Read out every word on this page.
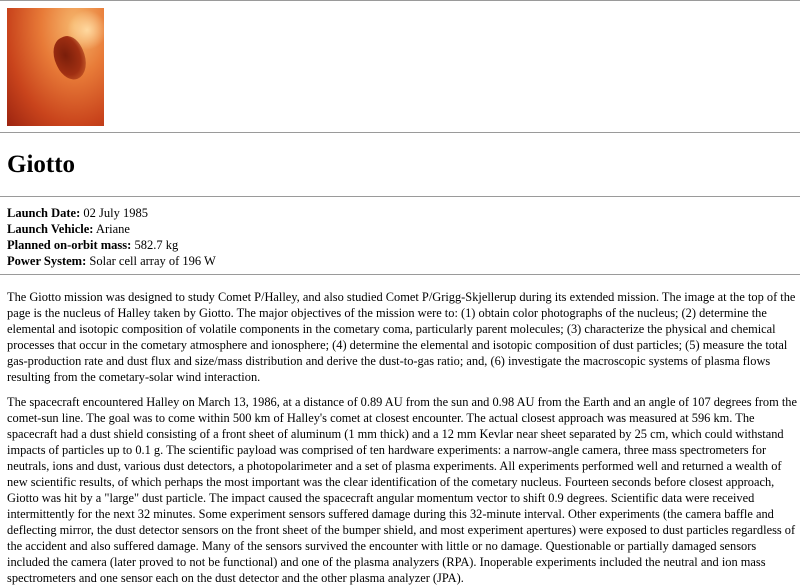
Giotto
Launch Date: 02 July 1985
Launch Vehicle: Ariane
Planned on-orbit mass: 582.7 kg
Power System: Solar cell array of 196 W

The Giotto mission was designed to study Comet P/Halley, and also studied Comet P/Grigg-Skjellerup during its extended mission. The image at the top of the page is the nucleus of Halley taken by Giotto. The major objectives of the mission were to: (1) obtain color photographs of the nucleus; (2) determine the elemental and isotopic composition of volatile components in the cometary coma, particularly parent molecules; (3) characterize the physical and chemical processes that occur in the cometary atmosphere and ionosphere; (4) determine the elemental and isotopic composition of dust particles; (5) measure the total gas-production rate and dust flux and size/mass distribution and derive the dust-to-gas ratio; and, (6) investigate the macroscopic systems of plasma flows resulting from the cometary-solar wind interaction.

The spacecraft encountered Halley on March 13, 1986, at a distance of 0.89 AU from the sun and 0.98 AU from the Earth and an angle of 107 degrees from the comet-sun line. The goal was to come within 500 km of Halley's comet at closest encounter. The actual closest approach was measured at 596 km. The spacecraft had a dust shield consisting of a front sheet of aluminum (1 mm thick) and a 12 mm Kevlar near sheet separated by 25 cm, which could withstand impacts of particles up to 0.1 g. The scientific payload was comprised of ten hardware experiments: a narrow-angle camera, three mass spectrometers for neutrals, ions and dust, various dust detectors, a photopolarimeter and a set of plasma experiments. All experiments performed well and returned a wealth of new scientific results, of which perhaps the most important was the clear identification of the cometary nucleus. Fourteen seconds before closest approach, Giotto was hit by a "large" dust particle. The impact caused the spacecraft angular momentum vector to shift 0.9 degrees. Scientific data were received intermittently for the next 32 minutes. Some experiment sensors suffered damage during this 32-minute interval. Other experiments (the camera baffle and deflecting mirror, the dust detector sensors on the front sheet of the bumper shield, and most experiment apertures) were exposed to dust particles regardless of the accident and also suffered damage. Many of the sensors survived the encounter with little or no damage. Questionable or partially damaged sensors included the camera (later proved to not be functional) and one of the plasma analyzers (RPA). Inoperable experiments included the neutral and ion mass spectrometers and one sensor each on the dust detector and the other plasma analyzer (JPA).
